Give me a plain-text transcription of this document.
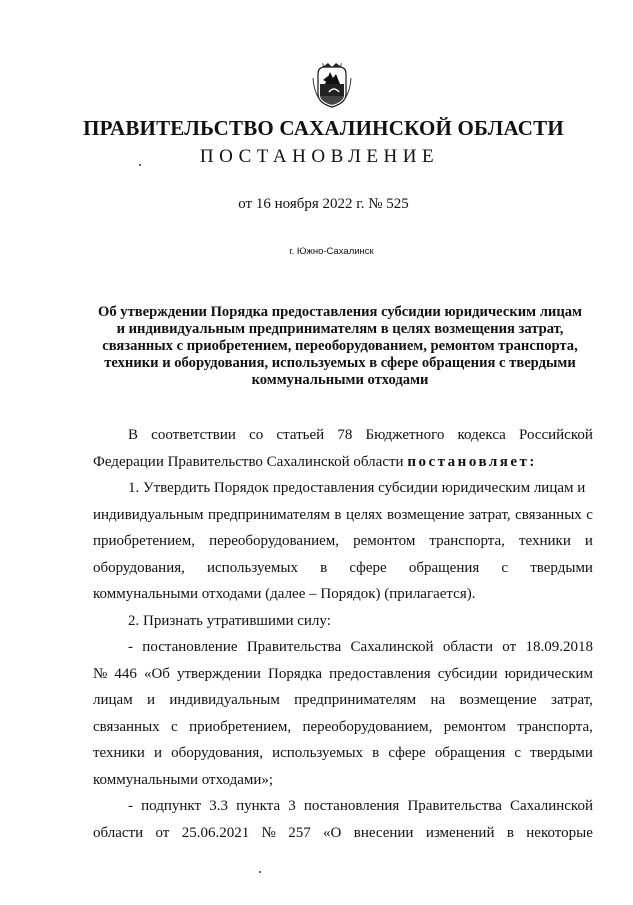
ПРАВИТЕЛЬСТВО САХАЛИНСКОЙ ОБЛАСТИ
ПОСТАНОВЛЕНИЕ
от 16 ноября 2022 г. № 525
г. Южно-Сахалинск
Об утверждении Порядка предоставления субсидии юридическим лицам
и индивидуальным предпринимателям в целях возмещения затрат,
связанных с приобретением, переоборудованием, ремонтом транспорта,
техники и оборудования, используемых в сфере обращения с твердыми
коммунальными отходами
В соответствии со статьей 78 Бюджетного кодекса Российской
Федерации Правительство Сахалинской области постановляет:
1. Утвердить Порядок предоставления субсидии юридическим лицам и
индивидуальным предпринимателям в целях возмещение затрат, связанных с
приобретением, переоборудованием, ремонтом транспорта, техники и
оборудования, используемых в сфере обращения с твердыми
коммунальными отходами (далее – Порядок) (прилагается).
2. Признать утратившими силу:
- постановление Правительства Сахалинской области от 18.09.2018
№ 446 «Об утверждении Порядка предоставления субсидии юридическим
лицам и индивидуальным предпринимателям на возмещение затрат,
связанных с приобретением, переоборудованием, ремонтом транспорта,
техники и оборудования, используемых в сфере обращения с твердыми
коммунальными отходами»;
- подпункт 3.3 пункта 3 постановления Правительства Сахалинской
области от 25.06.2021 № 257 «О внесении изменений в некоторые
